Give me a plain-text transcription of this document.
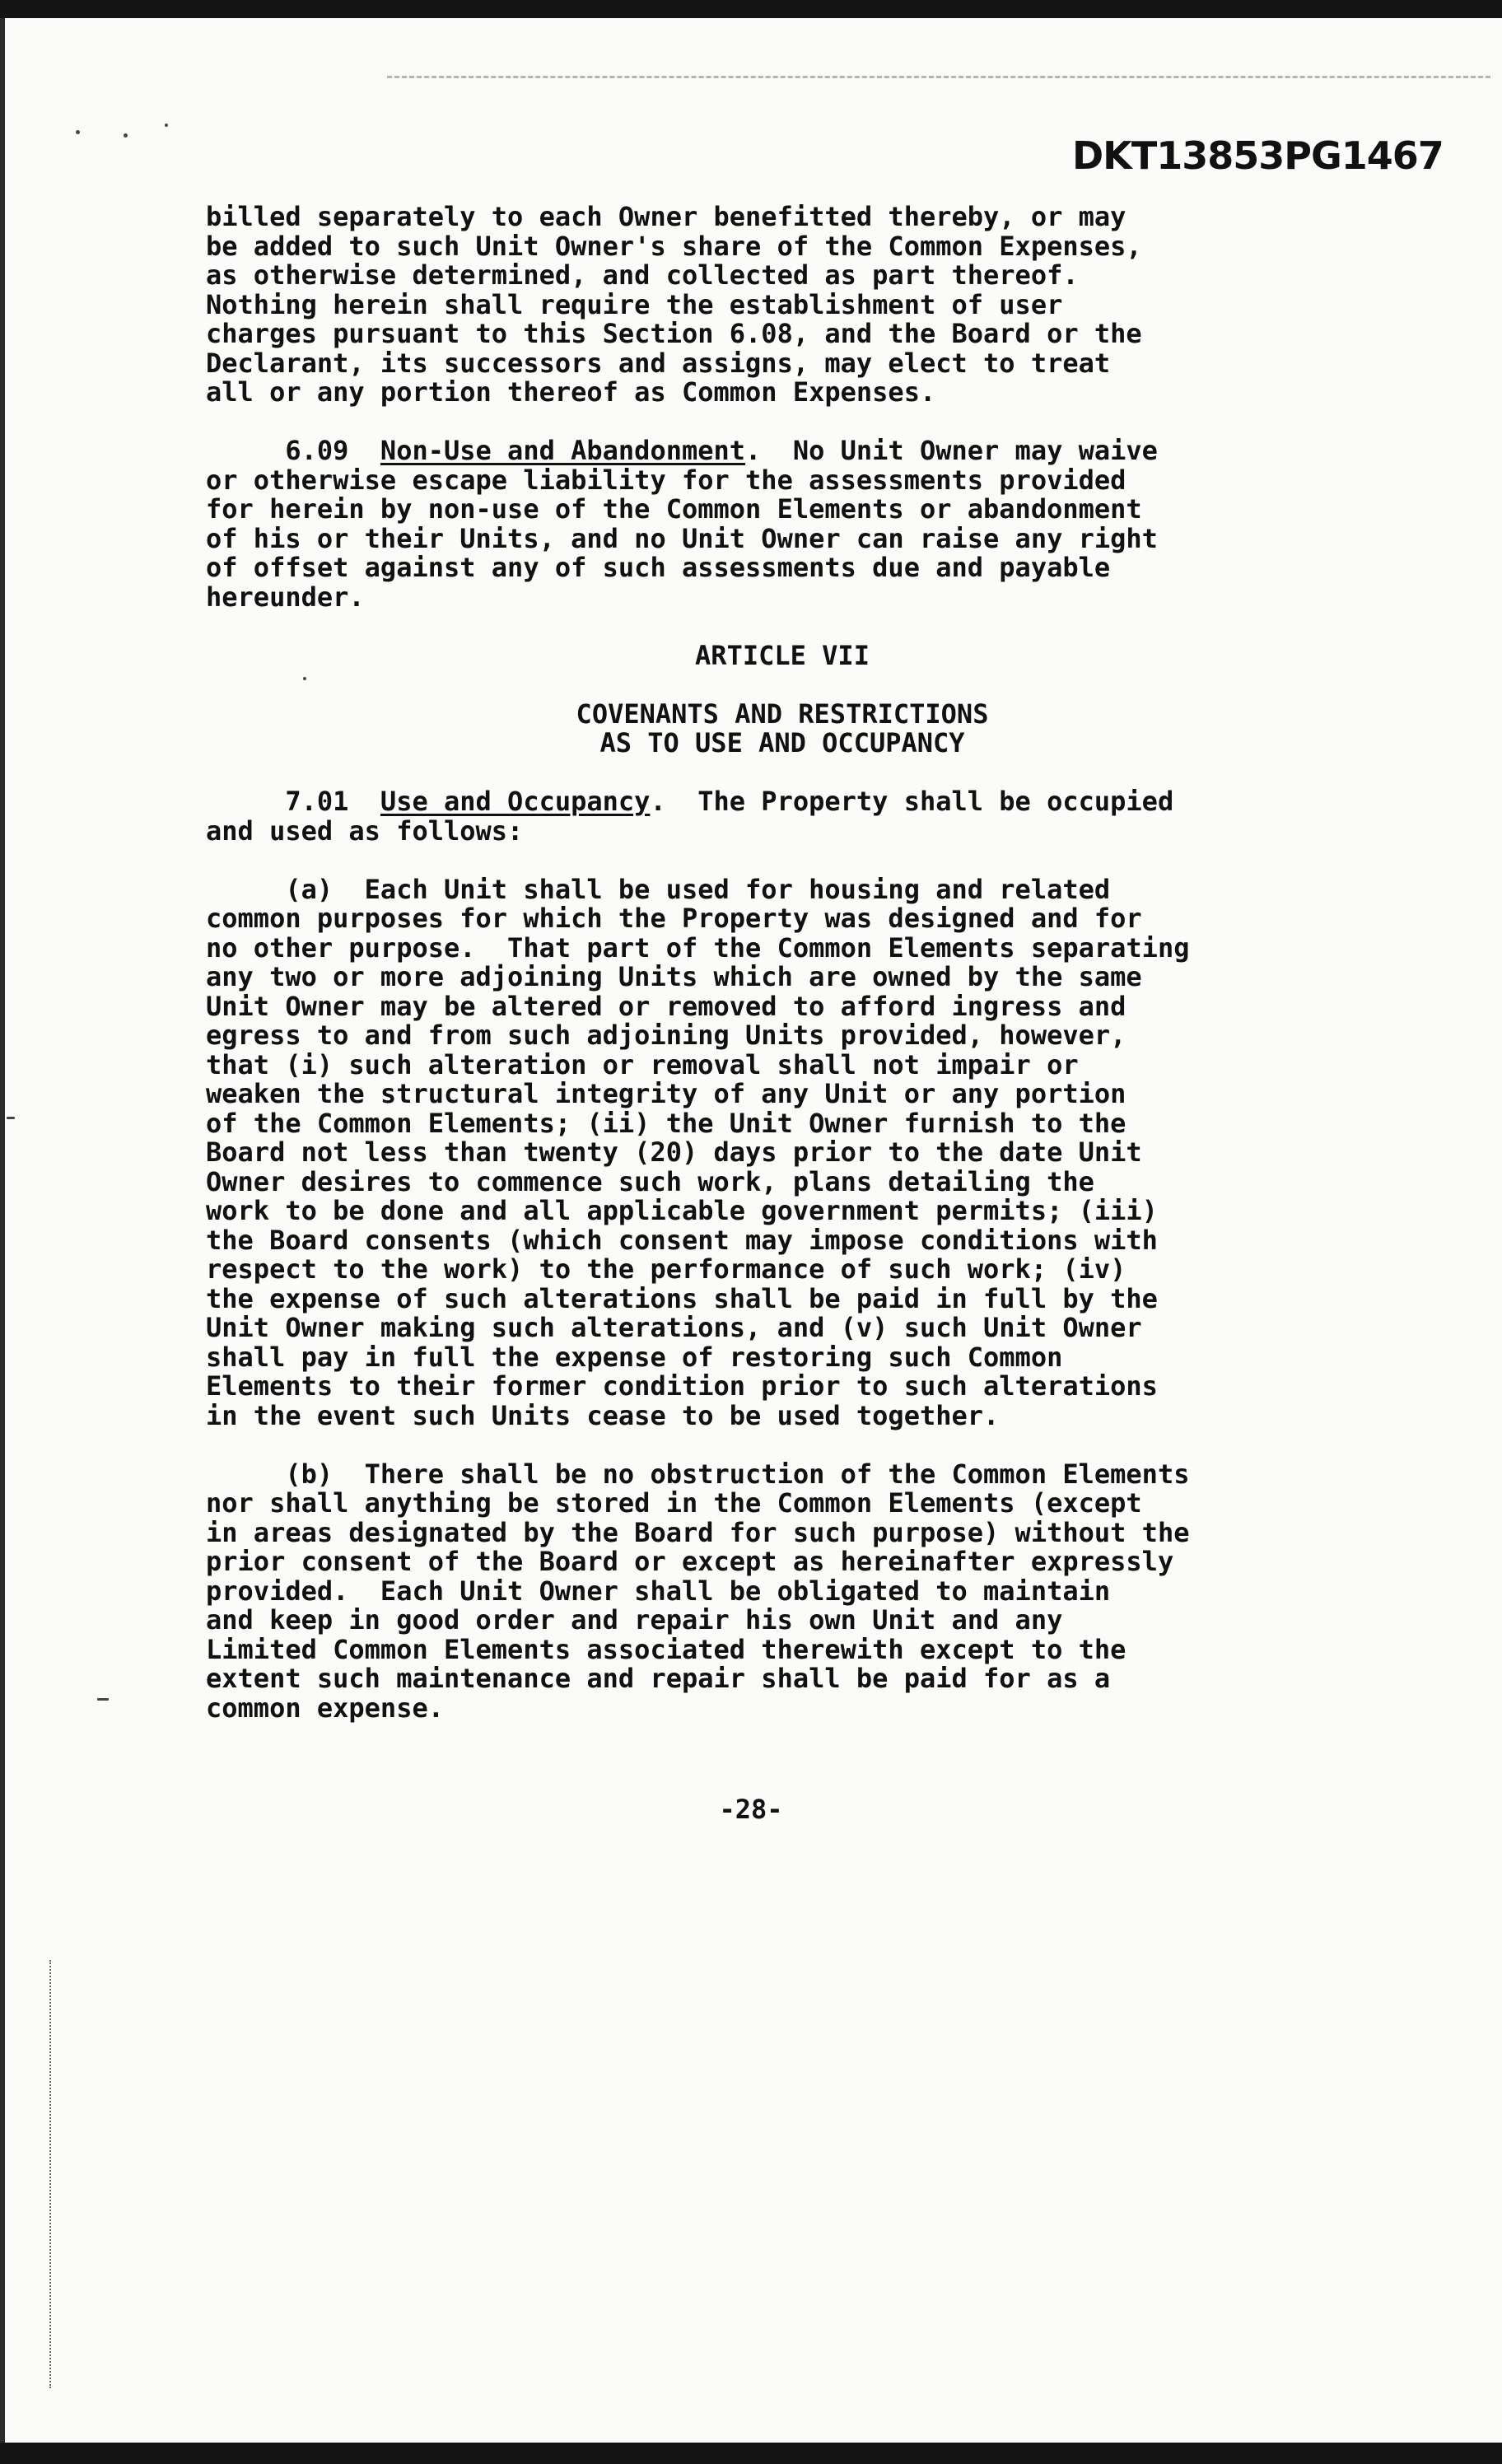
DKT13853PG1467
billed separately to each Owner benefitted thereby, or may
be added to such Unit Owner's share of the Common Expenses,
as otherwise determined, and collected as part thereof.
Nothing herein shall require the establishment of user
charges pursuant to this Section 6.08, and the Board or the
Declarant, its successors and assigns, may elect to treat
all or any portion thereof as Common Expenses.
6.09 Non-Use and Abandonment.  No Unit Owner may waive
or otherwise escape liability for the assessments provided
for herein by non-use of the Common Elements or abandonment
of his or their Units, and no Unit Owner can raise any right
of offset against any of such assessments due and payable
hereunder.
ARTICLE VII
COVENANTS AND RESTRICTIONS
AS TO USE AND OCCUPANCY
7.01 Use and Occupancy.  The Property shall be occupied
and used as follows:
(a)  Each Unit shall be used for housing and related
common purposes for which the Property was designed and for
no other purpose.  That part of the Common Elements separating
any two or more adjoining Units which are owned by the same
Unit Owner may be altered or removed to afford ingress and
egress to and from such adjoining Units provided, however,
that (i) such alteration or removal shall not impair or
weaken the structural integrity of any Unit or any portion
of the Common Elements; (ii) the Unit Owner furnish to the
Board not less than twenty (20) days prior to the date Unit
Owner desires to commence such work, plans detailing the
work to be done and all applicable government permits; (iii)
the Board consents (which consent may impose conditions with
respect to the work) to the performance of such work; (iv)
the expense of such alterations shall be paid in full by the
Unit Owner making such alterations, and (v) such Unit Owner
shall pay in full the expense of restoring such Common
Elements to their former condition prior to such alterations
in the event such Units cease to be used together.
(b)  There shall be no obstruction of the Common Elements
nor shall anything be stored in the Common Elements (except
in areas designated by the Board for such purpose) without the
prior consent of the Board or except as hereinafter expressly
provided.  Each Unit Owner shall be obligated to maintain
and keep in good order and repair his own Unit and any
Limited Common Elements associated therewith except to the
extent such maintenance and repair shall be paid for as a
common expense.
-28-
